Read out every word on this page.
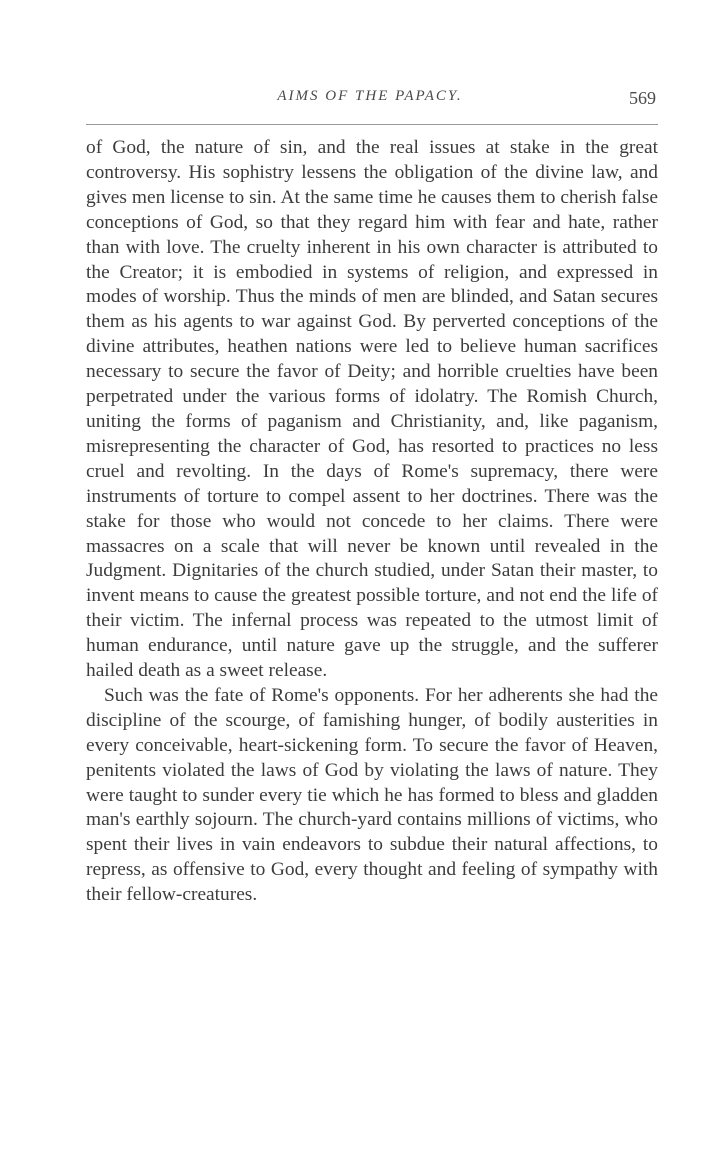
AIMS OF THE PAPACY.	569

of God, the nature of sin, and the real issues at stake in the great controversy. His sophistry lessens the obligation of the divine law, and gives men license to sin. At the same time he causes them to cherish false conceptions of God, so that they regard him with fear and hate, rather than with love. The cruelty inherent in his own character is attributed to the Creator; it is embodied in systems of religion, and expressed in modes of worship. Thus the minds of men are blinded, and Satan secures them as his agents to war against God. By perverted conceptions of the divine attributes, heathen nations were led to believe human sacrifices necessary to secure the favor of Deity; and horrible cruelties have been perpetrated under the various forms of idolatry. The Romish Church, uniting the forms of paganism and Christianity, and, like paganism, misrepresenting the character of God, has resorted to practices no less cruel and revolting. In the days of Rome's supremacy, there were instruments of torture to compel assent to her doctrines. There was the stake for those who would not concede to her claims. There were massacres on a scale that will never be known until revealed in the Judgment. Dignitaries of the church studied, under Satan their master, to invent means to cause the greatest possible torture, and not end the life of their victim. The infernal process was repeated to the utmost limit of human endurance, until nature gave up the struggle, and the sufferer hailed death as a sweet release.

Such was the fate of Rome's opponents. For her adherents she had the discipline of the scourge, of famishing hunger, of bodily austerities in every conceivable, heart-sickening form. To secure the favor of Heaven, penitents violated the laws of God by violating the laws of nature. They were taught to sunder every tie which he has formed to bless and gladden man's earthly sojourn. The church-yard contains millions of victims, who spent their lives in vain endeavors to subdue their natural affections, to repress, as offensive to God, every thought and feeling of sympathy with their fellow-creatures.
